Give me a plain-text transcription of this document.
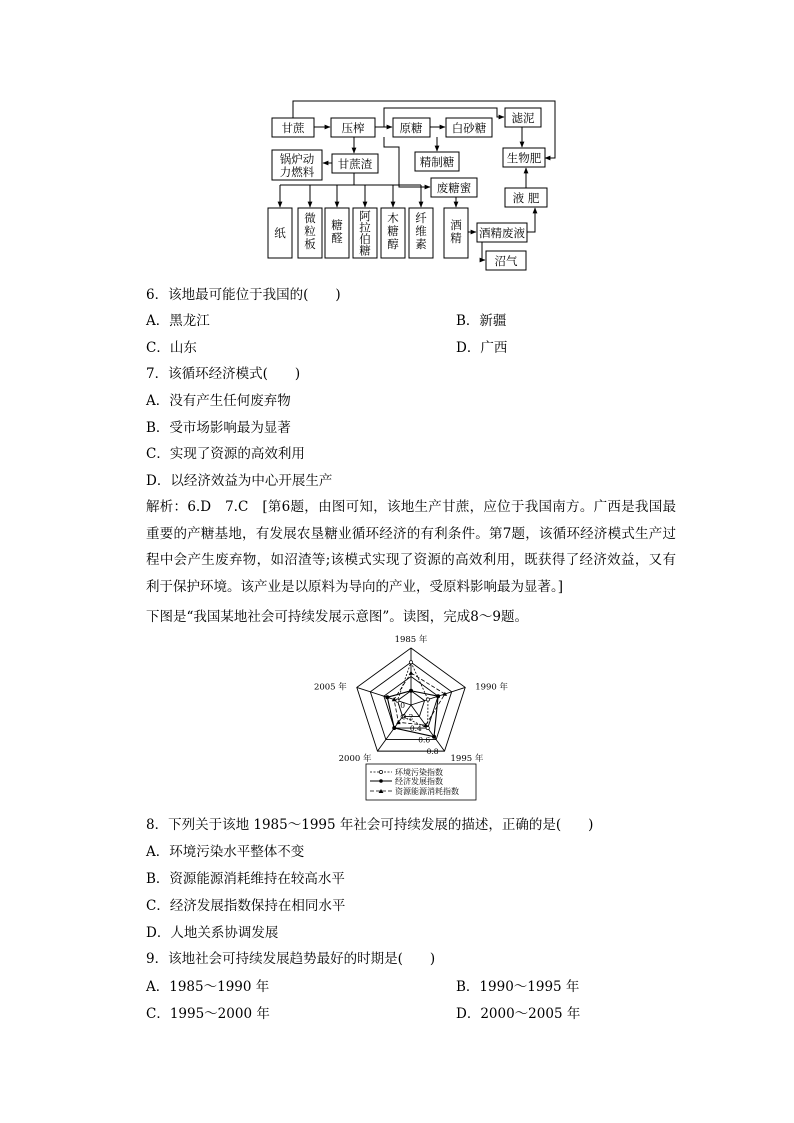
甘蔗	压榨	原糖	白砂糖
精制糖
甘蔗渣
废糖蜜
滤泥
生物肥
液 肥
酒精废液
沼气
锅炉动力燃料
纸
微粒板
糖醛
阿拉伯糖
木糖醇
纤维素
酒精
6．该地最可能位于我国的(　　)
A．黑龙江	B．新疆
C．山东	D．广西
7．该循环经济模式(　　)
A．没有产生任何废弃物
B．受市场影响最为显著
C．实现了资源的高效利用
D．以经济效益为中心开展生产
解析：6.D　7.C　[第6题，由图可知，该地生产甘蔗，应位于我国南方。广西是我国最重要的产糖基地，有发展农垦糖业循环经济的有利条件。第7题，该循环经济模式生产过程中会产生废弃物，如沼渣等;该模式实现了资源的高效利用，既获得了经济效益，又有利于保护环境。该产业是以原料为导向的产业，受原料影响最为显著。]
下图是“我国某地社会可持续发展示意图”。读图，完成8～9题。
1985 年
1990 年
1995 年
2000 年
2005 年
0
0.2
0.4
0.6
0.8
环境污染指数
经济发展指数
资源能源消耗指数
8．下列关于该地 1985～1995 年社会可持续发展的描述，正确的是(　　)
A．环境污染水平整体不变
B．资源能源消耗维持在较高水平
C．经济发展指数保持在相同水平
D．人地关系协调发展
9．该地社会可持续发展趋势最好的时期是(　　)
A．1985～1990 年	B．1990～1995 年
C．1995～2000 年	D．2000～2005 年
